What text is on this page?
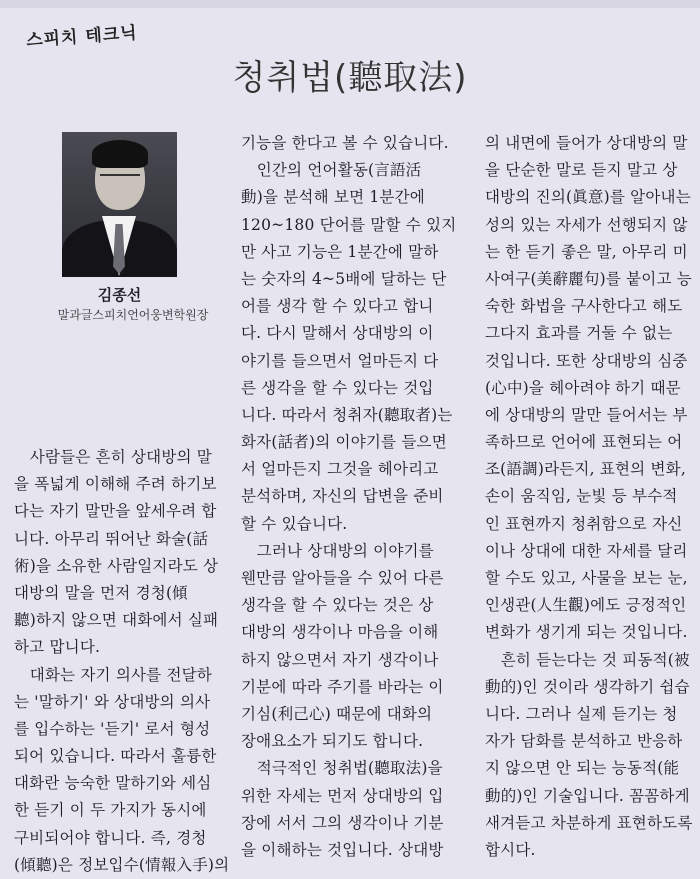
스피치 테크닉
청취법(聽取法)
김종선
말과글스피치언어웅변학원장
　사람들은 흔히 상대방의 말
을 폭넓게 이해해 주려 하기보
다는 자기 말만을 앞세우려 합
니다. 아무리 뛰어난 화술(話
術)을 소유한 사람일지라도 상
대방의 말을 먼저 경청(傾
聽)하지 않으면 대화에서 실패
하고 맙니다.
　대화는 자기 의사를 전달하
는 '말하기' 와 상대방의 의사
를 입수하는 '듣기' 로서 형성
되어 있습니다. 따라서 훌륭한
대화란 능숙한 말하기와 세심
한 듣기 이 두 가지가 동시에
구비되어야 합니다. 즉, 경청
(傾聽)은 정보입수(情報入手)의
기능을 한다고 볼 수 있습니다.
　인간의 언어활동(言語活
動)을 분석해 보면 1분간에
120~180 단어를 말할 수 있지
만 사고 기능은 1분간에 말하
는 숫자의 4~5배에 달하는 단
어를 생각 할 수 있다고 합니
다. 다시 말해서 상대방의 이
야기를 들으면서 얼마든지 다
른 생각을 할 수 있다는 것입
니다. 따라서 청취자(聽取者)는
화자(話者)의 이야기를 들으면
서 얼마든지 그것을 헤아리고
분석하며, 자신의 답변을 준비
할 수 있습니다.
　그러나 상대방의 이야기를
웬만큼 알아들을 수 있어 다른
생각을 할 수 있다는 것은 상
대방의 생각이나 마음을 이해
하지 않으면서 자기 생각이나
기분에 따라 주기를 바라는 이
기심(利己心) 때문에 대화의
장애요소가 되기도 합니다.
　적극적인 청취법(聽取法)을
위한 자세는 먼저 상대방의 입
장에 서서 그의 생각이나 기분
을 이해하는 것입니다. 상대방
의 내면에 들어가 상대방의 말
을 단순한 말로 듣지 말고 상
대방의 진의(眞意)를 알아내는
성의 있는 자세가 선행되지 않
는 한 듣기 좋은 말, 아무리 미
사여구(美辭麗句)를 붙이고 능
숙한 화법을 구사한다고 해도
그다지 효과를 거둘 수 없는
것입니다. 또한 상대방의 심중
(心中)을 헤아려야 하기 때문
에 상대방의 말만 들어서는 부
족하므로 언어에 표현되는 어
조(語調)라든지, 표현의 변화,
손이 움직임, 눈빛 등 부수적
인 표현까지 청취함으로 자신
이나 상대에 대한 자세를 달리
할 수도 있고, 사물을 보는 눈,
인생관(人生觀)에도 긍정적인
변화가 생기게 되는 것입니다.
　흔히 듣는다는 것 피동적(被
動的)인 것이라 생각하기 쉽습
니다. 그러나 실제 듣기는 청
자가 담화를 분석하고 반응하
지 않으면 안 되는 능동적(能
動的)인 기술입니다. 꼼꼼하게
새겨듣고 차분하게 표현하도록
합시다.
